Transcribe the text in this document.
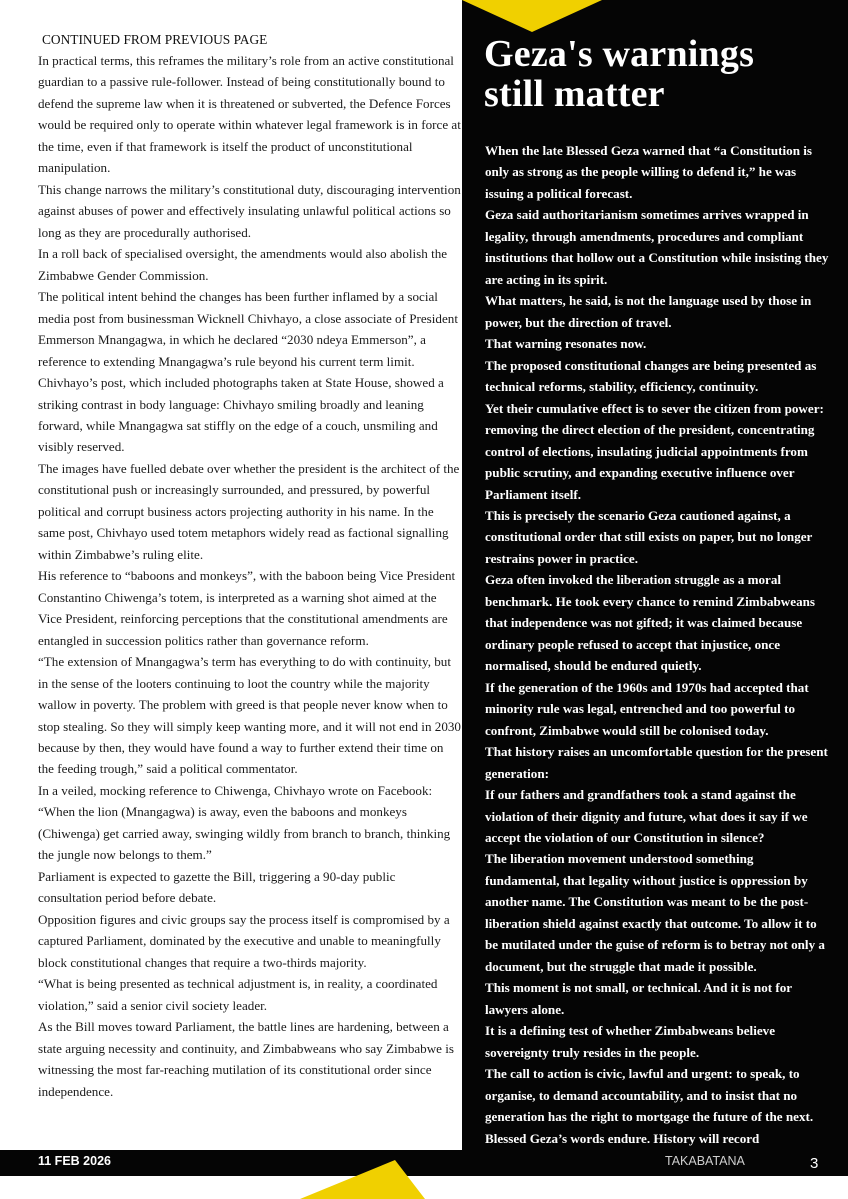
CONTINUED FROM PREVIOUS PAGE

In practical terms, this reframes the military’s role from an active constitutional guardian to a passive rule-follower. Instead of being constitutionally bound to defend the supreme law when it is threatened or subverted, the Defence Forces would be required only to operate within whatever legal framework is in force at the time, even if that framework is itself the product of unconstitutional manipulation.

This change narrows the military’s constitutional duty, discouraging intervention against abuses of power and effectively insulating unlawful political actions so long as they are procedurally authorised.

In a roll back of specialised oversight, the amendments would also abolish the Zimbabwe Gender Commission.

The political intent behind the changes has been further inflamed by a social media post from businessman Wicknell Chivhayo, a close associate of President Emmerson Mnangagwa, in which he declared “2030 ndeya Emmerson”, a reference to extending Mnangagwa’s rule beyond his current term limit.

Chivhayo’s post, which included photographs taken at State House, showed a striking contrast in body language: Chivhayo smiling broadly and leaning forward, while Mnangagwa sat stiffly on the edge of a couch, unsmiling and visibly reserved.

The images have fuelled debate over whether the president is the architect of the constitutional push or increasingly surrounded, and pressured, by powerful political and corrupt business actors projecting authority in his name. In the same post, Chivhayo used totem metaphors widely read as factional signalling within Zimbabwe’s ruling elite.

His reference to “baboons and monkeys”, with the baboon being Vice President Constantino Chiwenga’s totem, is interpreted as a warning shot aimed at the Vice President, reinforcing perceptions that the constitutional amendments are entangled in succession politics rather than governance reform.

“The extension of Mnangagwa’s term has everything to do with continuity, but in the sense of the looters continuing to loot the country while the majority wallow in poverty. The problem with greed is that people never know when to stop stealing. So they will simply keep wanting more, and it will not end in 2030 because by then, they would have found a way to further extend their time on the feeding trough,” said a political commentator.

In a veiled, mocking reference to Chiwenga, Chivhayo wrote on Facebook: “When the lion (Mnangagwa) is away, even the baboons and monkeys (Chiwenga) get carried away, swinging wildly from branch to branch, thinking the jungle now belongs to them.”

Parliament is expected to gazette the Bill, triggering a 90-day public consultation period before debate.

Opposition figures and civic groups say the process itself is compromised by a captured Parliament, dominated by the executive and unable to meaningfully block constitutional changes that require a two-thirds majority.

“What is being presented as technical adjustment is, in reality, a coordinated violation,” said a senior civil society leader.

As the Bill moves toward Parliament, the battle lines are hardening, between a state arguing necessity and continuity, and Zimbabweans who say Zimbabwe is witnessing the most far-reaching mutilation of its constitutional order since independence.

Geza's warnings
still matter

When the late Blessed Geza warned that “a Constitution is only as strong as the people willing to defend it,” he was issuing a political forecast.

Geza said authoritarianism sometimes arrives wrapped in legality, through amendments, procedures and compliant institutions that hollow out a Constitution while insisting they are acting in its spirit.

What matters, he said, is not the language used by those in power, but the direction of travel.

That warning resonates now.

The proposed constitutional changes are being presented as technical reforms, stability, efficiency, continuity.

Yet their cumulative effect is to sever the citizen from power: removing the direct election of the president, concentrating control of elections, insulating judicial appointments from public scrutiny, and expanding executive influence over Parliament itself.

This is precisely the scenario Geza cautioned against, a constitutional order that still exists on paper, but no longer restrains power in practice.

Geza often invoked the liberation struggle as a moral benchmark. He took every chance to remind Zimbabweans that independence was not gifted; it was claimed because ordinary people refused to accept that injustice, once normalised, should be endured quietly.

If the generation of the 1960s and 1970s had accepted that minority rule was legal, entrenched and too powerful to confront, Zimbabwe would still be colonised today.

That history raises an uncomfortable question for the present generation:

If our fathers and grandfathers took a stand against the violation of their dignity and future, what does it say if we accept the violation of our Constitution in silence?

The liberation movement understood something fundamental, that legality without justice is oppression by another name. The Constitution was meant to be the post-liberation shield against exactly that outcome. To allow it to be mutilated under the guise of reform is to betray not only a document, but the struggle that made it possible.

This moment is not small, or technical. And it is not for lawyers alone.

It is a defining test of whether Zimbabweans believe sovereignty truly resides in the people.

The call to action is civic, lawful and urgent: to speak, to organise, to demand accountability, and to insist that no generation has the right to mortgage the future of the next.

Blessed Geza’s words endure. History will record

11 FEB 2026	TAKABATANA	3
